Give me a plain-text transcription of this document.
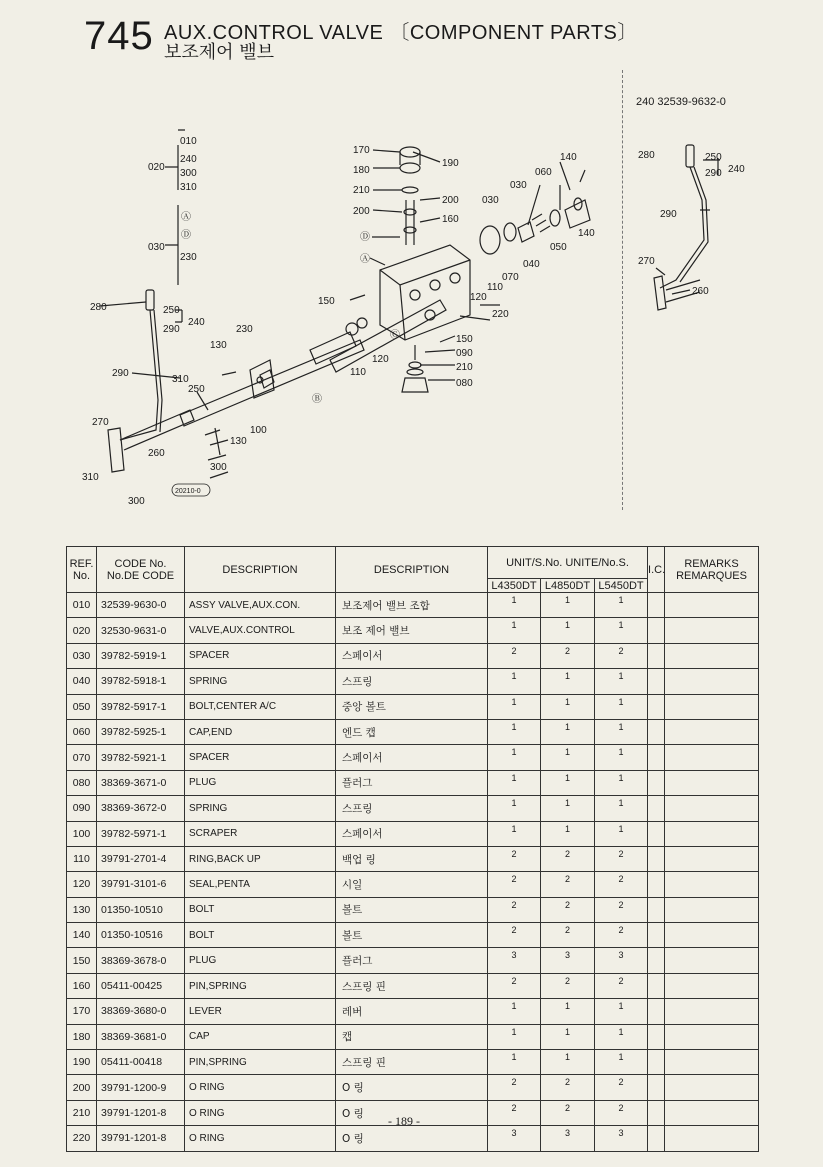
745 AUX.CONTROL VALVE 〔COMPONENT PARTS〕
보조제어 밸브
240 32539-9632-0
010
020
240
300
310
Ⓐ
Ⓓ
030
230
280	250
290
240
130
310
250
270
260
310
300
300
130
100
Ⓑ
110
120
Ⓒ
170
180
210
200
190
200
160
Ⓓ
Ⓐ
150
140
060
030
030
050
140
070
040
110
120
220
150
090
210
080
230
290
280	250
290 240
290
270
260
20210-0
REF. No.	CODE No. No.DE CODE	DESCRIPTION	DESCRIPTION	UNIT/S.No. UNITE/No.S.			I.C.	REMARKS REMARQUES
				L4350DT	L4850DT	L5450DT		
010	32539-9630-0	ASSY VALVE,AUX.CON.	보조제어 밸브 조합	1	1	1		
020	32530-9631-0	VALVE,AUX.CONTROL	보조 제어 밸브	1	1	1		
030	39782-5919-1	SPACER	스페이서	2	2	2		
040	39782-5918-1	SPRING	스프링	1	1	1		
050	39782-5917-1	BOLT,CENTER A/C	중앙 볼트	1	1	1		
060	39782-5925-1	CAP,END	엔드 캡	1	1	1		
070	39782-5921-1	SPACER	스페이서	1	1	1		
080	38369-3671-0	PLUG	플러그	1	1	1		
090	38369-3672-0	SPRING	스프링	1	1	1		
100	39782-5971-1	SCRAPER	스페이서	1	1	1		
110	39791-2701-4	RING,BACK UP	백업 링	2	2	2		
120	39791-3101-6	SEAL,PENTA	시일	2	2	2		
130	01350-10510	BOLT	볼트	2	2	2		
140	01350-10516	BOLT	볼트	2	2	2		
150	38369-3678-0	PLUG	플러그	3	3	3		
160	05411-00425	PIN,SPRING	스프링 핀	2	2	2		
170	38369-3680-0	LEVER	레버	1	1	1		
180	38369-3681-0	CAP	캡	1	1	1		
190	05411-00418	PIN,SPRING	스프링 핀	1	1	1		
200	39791-1200-9	O RING	O 링	2	2	2		
210	39791-1201-8	O RING	O 링	2	2	2		
220	39791-1201-8	O RING	O 링	3	3	3		
- 189 -
